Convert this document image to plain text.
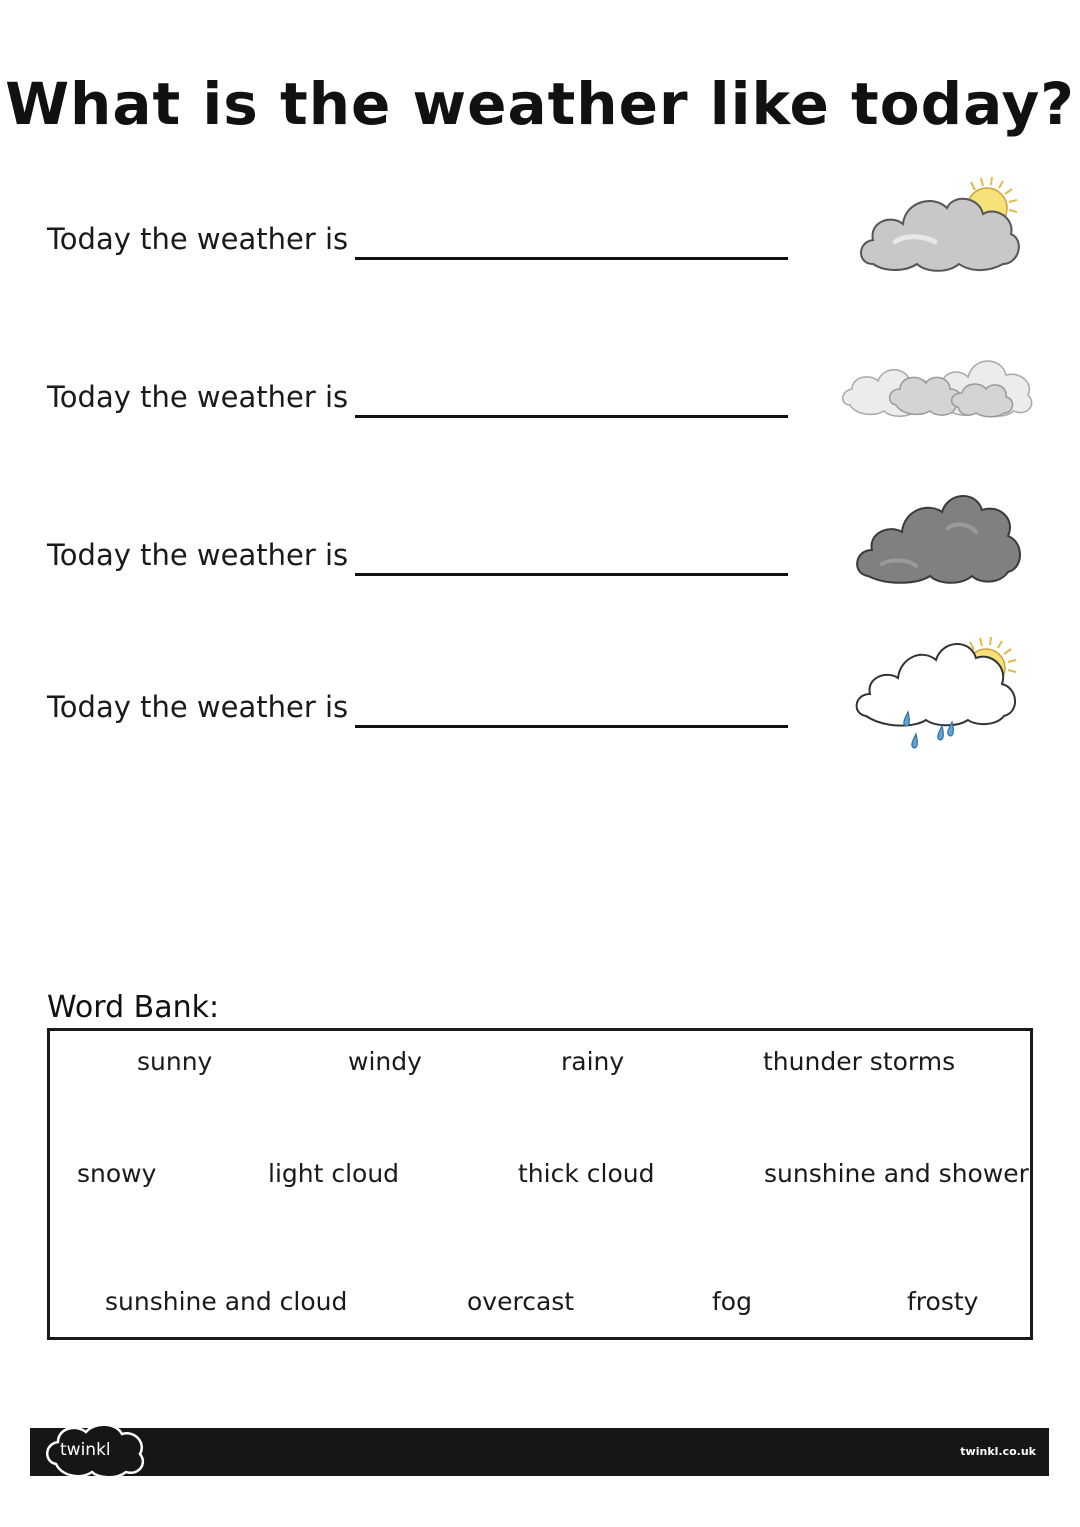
What is the weather like today?
Today the weather is
Today the weather is
Today the weather is
Today the weather is
Word Bank:
sunny	windy	rainy	thunder storms
snowy	light cloud	thick cloud	sunshine and shower
sunshine and cloud	overcast	fog	frosty
twinkl	twinkl.co.uk
